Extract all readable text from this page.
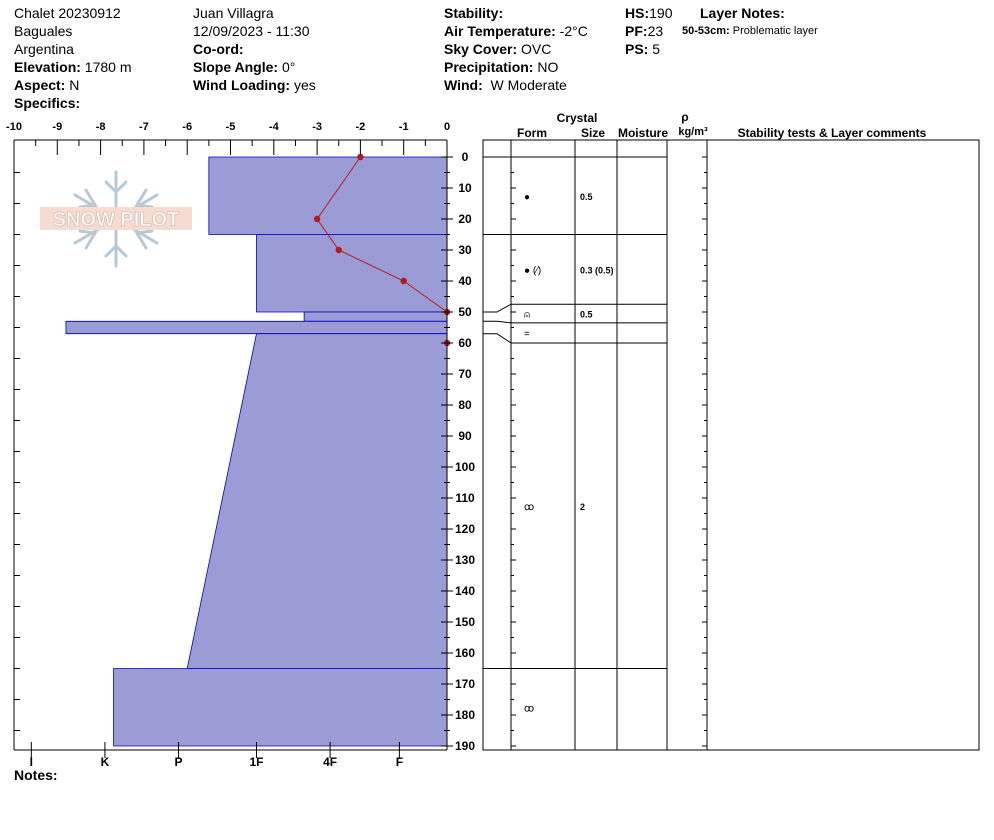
Chalet 20230912
Baguales
Argentina
Elevation: 1780 m
Aspect: N
Specifics:
Juan Villagra
12/09/2023 - 11:30
Co-ord:
Slope Angle: 0°
Wind Loading: yes
Stability:
Air Temperature: -2°C
Sky Cover: OVC
Precipitation: NO
Wind: W Moderate
HS:190
PF:23
PS: 5
Layer Notes:
50-53cm: Problematic layer
Notes:
SNOW PILOT
-10	-9	-8	-7	-6	-5	-4	-3	-2	-1	0
I	K	P	1F	4F	F
0
10
20
30
40
50
60
70
80
90
100
110
120
130
140
150
160
170
180
190
Crystal
Form	Size Moisture
ρ
kg/m³ Stability tests & Layer comments
●	0.5
● (⁄)	0.3 (0.5)
⍝	0.5
=
ꝏ	2
ꝏ
